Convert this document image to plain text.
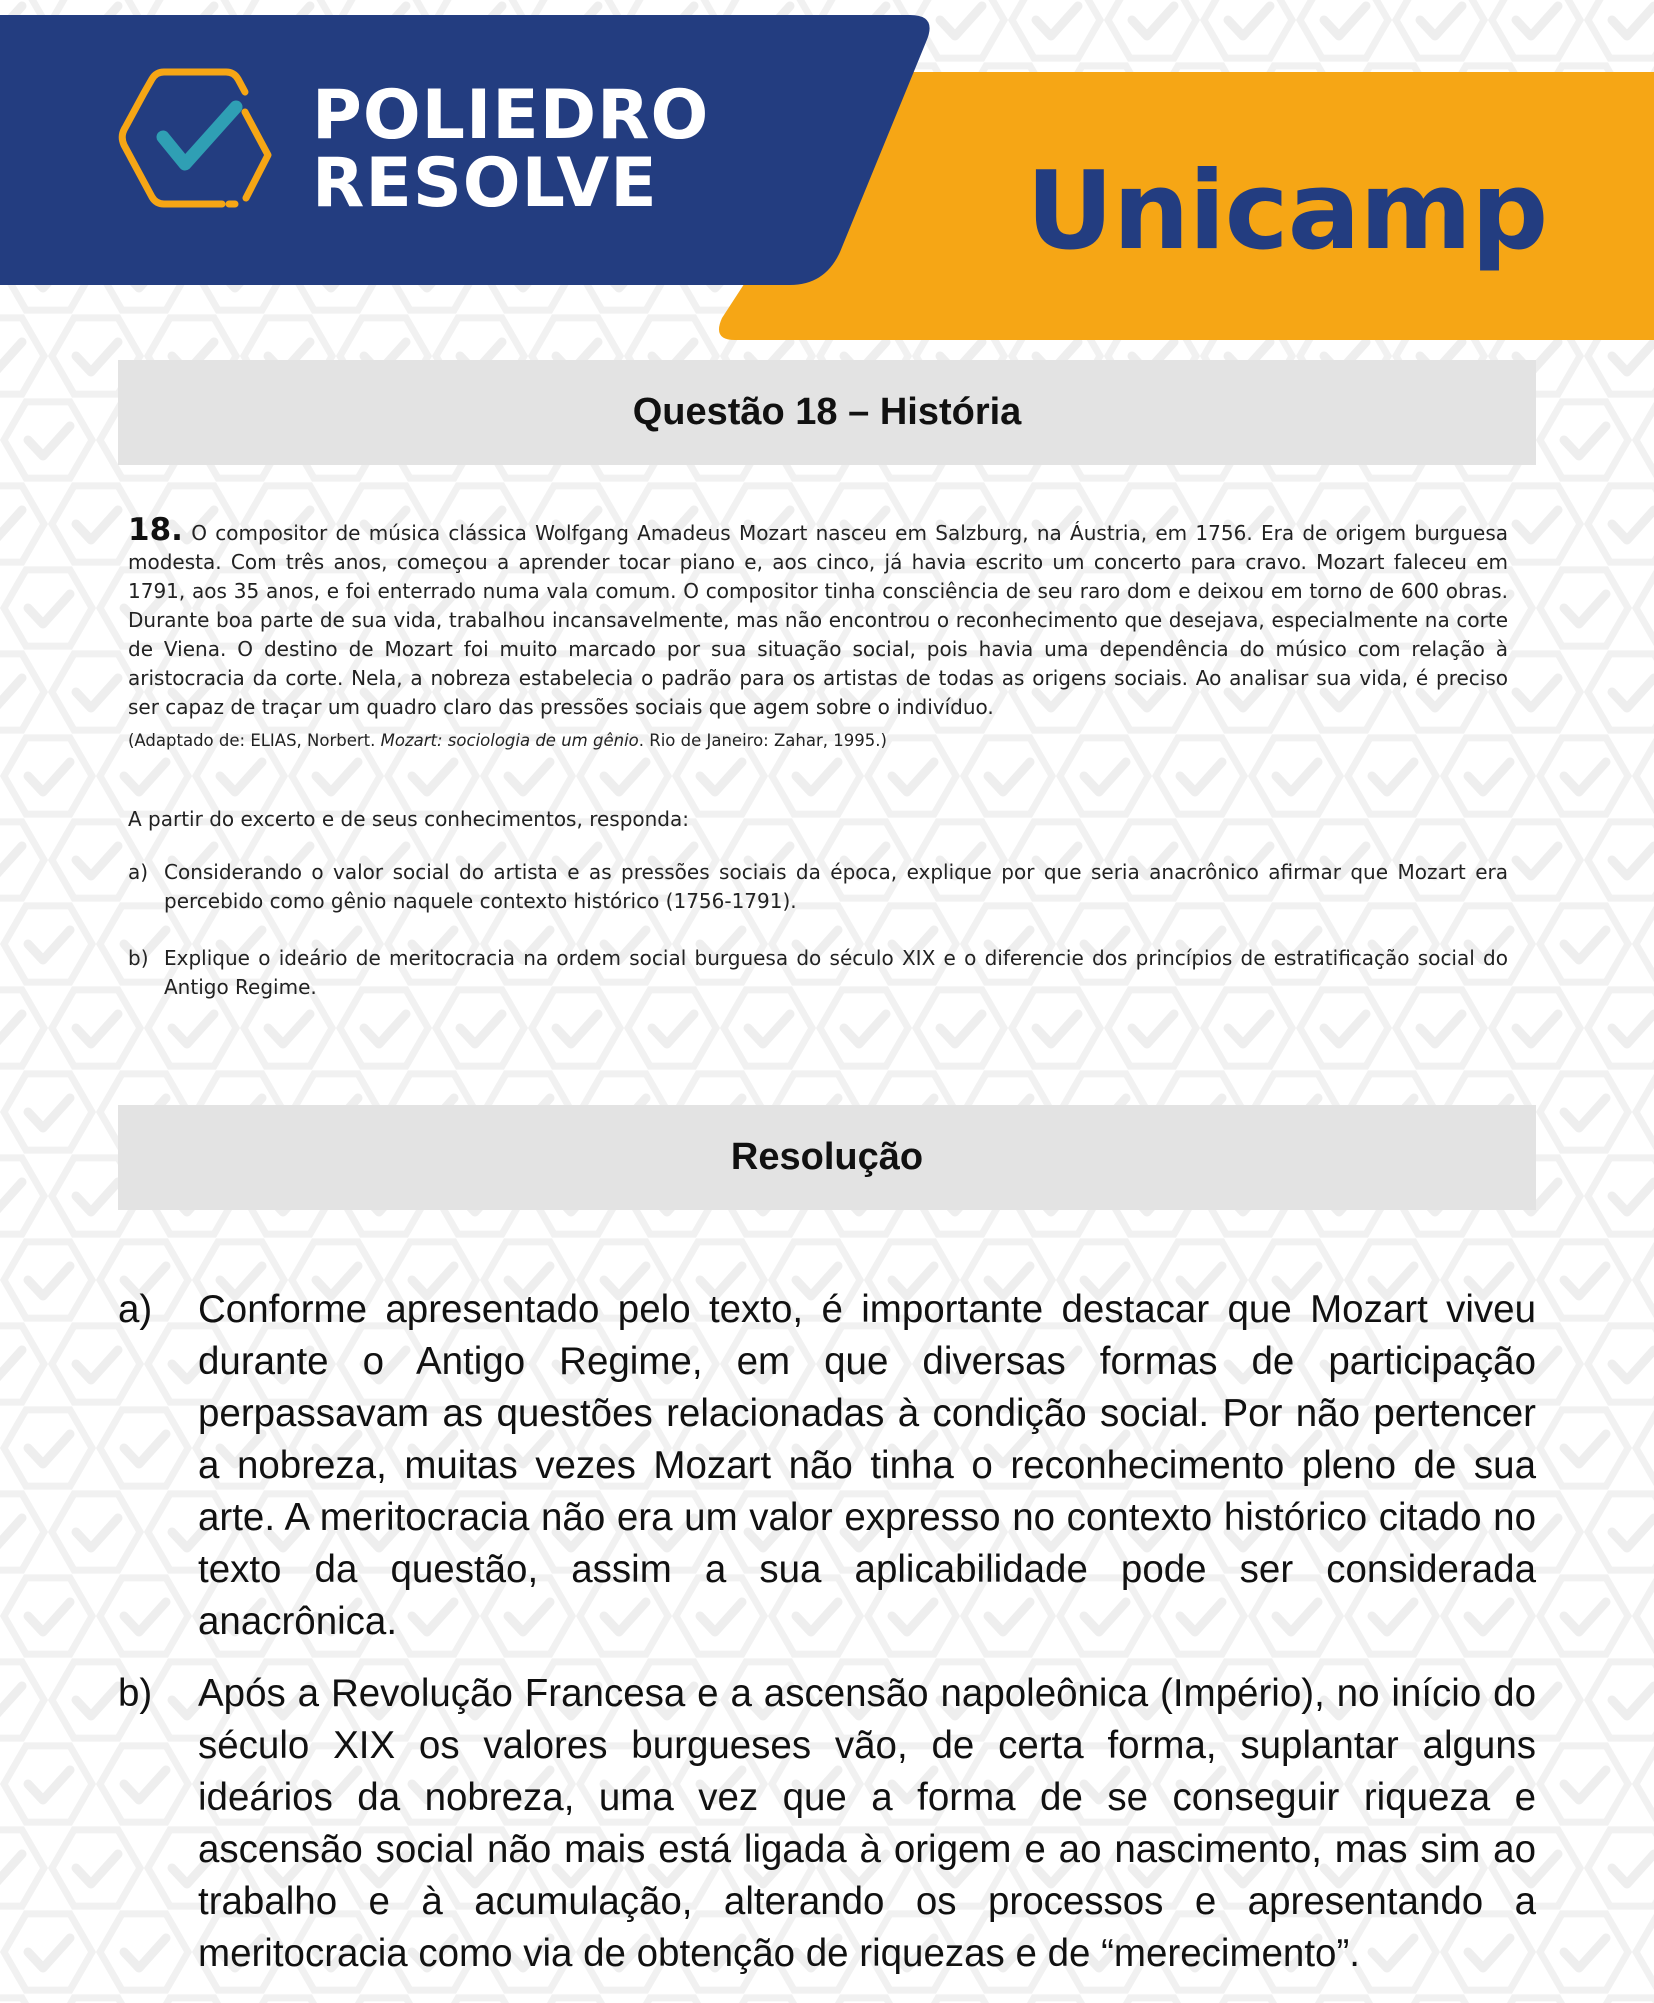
POLIEDRO
RESOLVE	Unicamp
Questão 18 – História
18. O compositor de música clássica Wolfgang Amadeus Mozart nasceu em Salzburg, na Áustria, em 1756. Era de origem burguesa modesta. Com três anos, começou a aprender tocar piano e, aos cinco, já havia escrito um concerto para cravo. Mozart faleceu em 1791, aos 35 anos, e foi enterrado numa vala comum. O compositor tinha consciência de seu raro dom e deixou em torno de 600 obras. Durante boa parte de sua vida, trabalhou incansavelmente, mas não encontrou o reconhecimento que desejava, especialmente na corte de Viena. O destino de Mozart foi muito marcado por sua situação social, pois havia uma dependência do músico com relação à aristocracia da corte. Nela, a nobreza estabelecia o padrão para os artistas de todas as origens sociais. Ao analisar sua vida, é preciso ser capaz de traçar um quadro claro das pressões sociais que agem sobre o indivíduo.
(Adaptado de: ELIAS, Norbert. Mozart: sociologia de um gênio. Rio de Janeiro: Zahar, 1995.)
A partir do excerto e de seus conhecimentos, responda:
a) Considerando o valor social do artista e as pressões sociais da época, explique por que seria anacrônico afirmar que Mozart era percebido como gênio naquele contexto histórico (1756-1791).
b) Explique o ideário de meritocracia na ordem social burguesa do século XIX e o diferencie dos princípios de estratificação social do Antigo Regime.
Resolução
a)	Conforme apresentado pelo texto, é importante destacar que Mozart viveu durante o Antigo Regime, em que diversas formas de participação perpassavam as questões relacionadas à condição social. Por não pertencer a nobreza, muitas vezes Mozart não tinha o reconhecimento pleno de sua arte. A meritocracia não era um valor expresso no contexto histórico citado no texto da questão, assim a sua aplicabilidade pode ser considerada anacrônica.
b)	Após a Revolução Francesa e a ascensão napoleônica (Império), no início do século XIX os valores burgueses vão, de certa forma, suplantar alguns ideários da nobreza, uma vez que a forma de se conseguir riqueza e ascensão social não mais está ligada à origem e ao nascimento, mas sim ao trabalho e à acumulação, alterando os processos e apresentando a meritocracia como via de obtenção de riquezas e de “merecimento”.
